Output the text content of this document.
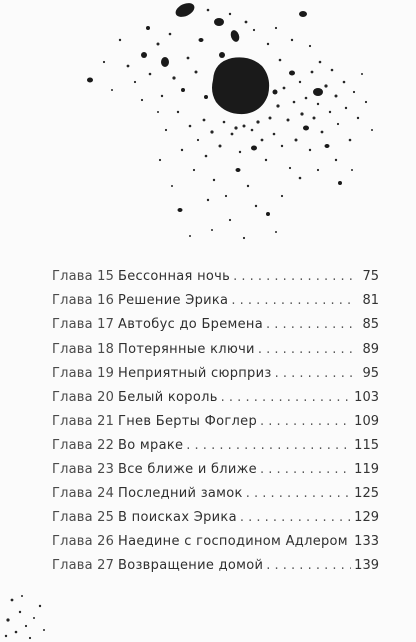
Глава 15 Бессонная ночь . . .	75
Глава 16 Решение Эрика . . .	81
Глава 17 Автобус до Бремена . . .	85
Глава 18 Потерянные ключи . . .	89
Глава 19 Неприятный сюрприз . . .	95
Глава 20 Белый король . . .	103
Глава 21 Гнев Берты Фоглер . . .	109
Глава 22 Во мраке . . .	115
Глава 23 Все ближе и ближе . . .	119
Глава 24 Последний замок . . .	125
Глава 25 В поисках Эрика . . .	129
Глава 26 Наедине с господином Адлером . . . 133
Глава 27 Возвращение домой . . .	139
